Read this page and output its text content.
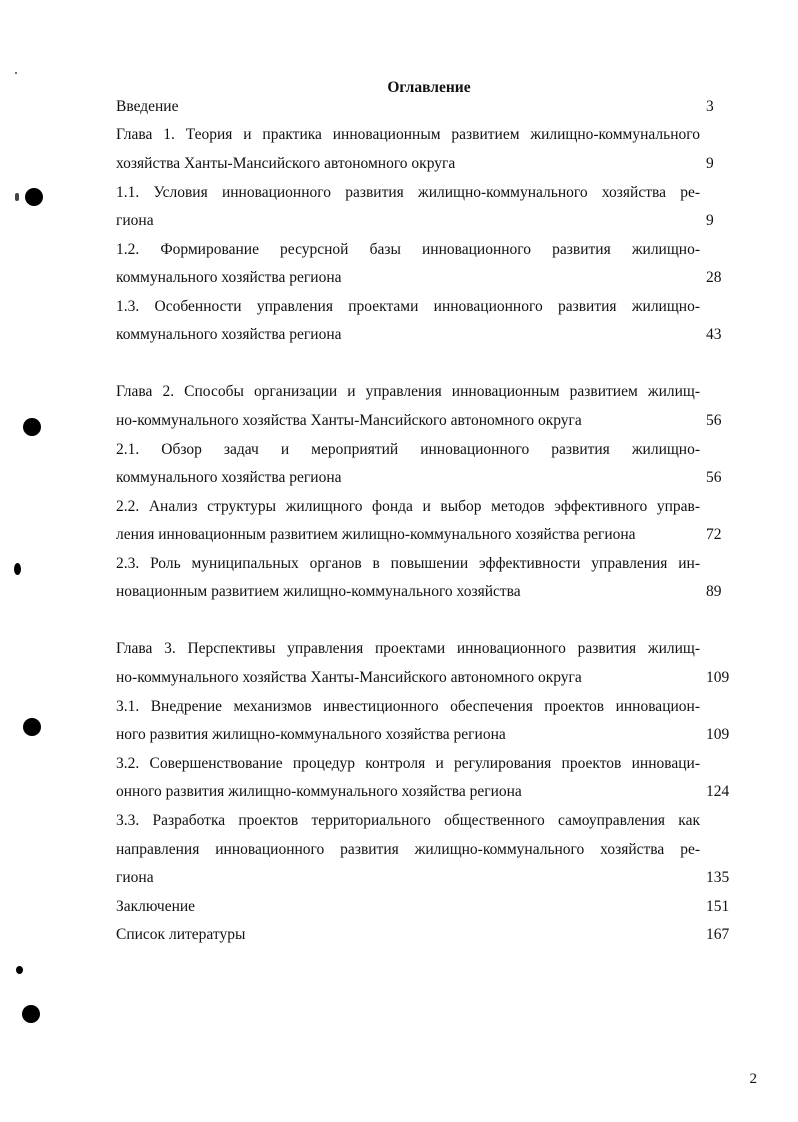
Оглавление
Введение	3
Глава 1. Теория и практика инновационным развитием жилищно-коммунального
хозяйства Ханты-Мансийского автономного округа	9
1.1. Условия инновационного развития жилищно-коммунального хозяйства ре-
гиона	9
1.2. Формирование ресурсной базы инновационного развития жилищно-
коммунального хозяйства региона	28
1.3. Особенности управления проектами инновационного развития жилищно-
коммунального хозяйства региона	43
Глава 2. Способы организации и управления инновационным развитием жилищ-
но-коммунального хозяйства Ханты-Мансийского автономного округа	56
2.1. Обзор задач и мероприятий инновационного развития жилищно-
коммунального хозяйства региона	56
2.2. Анализ структуры жилищного фонда и выбор методов эффективного управ-
ления инновационным развитием жилищно-коммунального хозяйства региона	72
2.3. Роль муниципальных органов в повышении эффективности управления ин-
новационным развитием жилищно-коммунального хозяйства	89
Глава 3. Перспективы управления проектами инновационного развития жилищ-
но-коммунального хозяйства Ханты-Мансийского автономного округа	109
3.1. Внедрение механизмов инвестиционного обеспечения проектов инновацион-
ного развития жилищно-коммунального хозяйства региона	109
3.2. Совершенствование процедур контроля и регулирования проектов инноваци-
онного развития жилищно-коммунального хозяйства региона	124
3.3. Разработка проектов территориального общественного самоуправления как
направления инновационного развития жилищно-коммунального хозяйства ре-
гиона	135
Заключение	151
Список литературы	167
2
